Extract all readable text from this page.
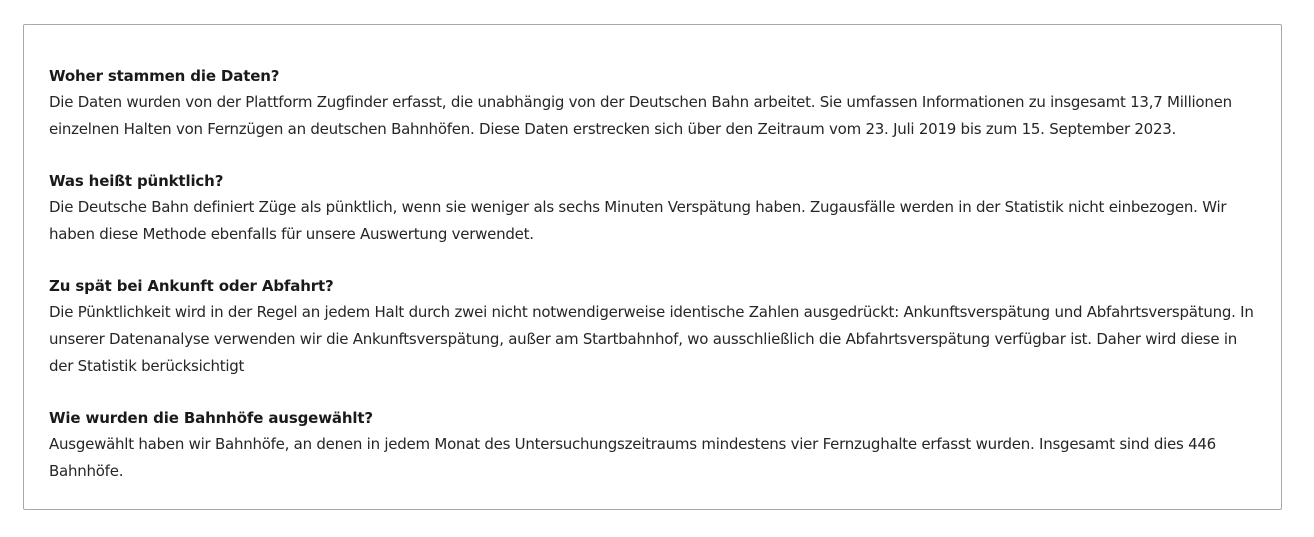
Woher stammen die Daten?

Die Daten wurden von der Plattform Zugfinder erfasst, die unabhängig von der Deutschen Bahn arbeitet. Sie umfassen Informationen zu insgesamt 13,7 Millionen einzelnen Halten von Fernzügen an deutschen Bahnhöfen. Diese Daten erstrecken sich über den Zeitraum vom 23. Juli 2019 bis zum 15. September 2023.

Was heißt pünktlich?

Die Deutsche Bahn definiert Züge als pünktlich, wenn sie weniger als sechs Minuten Verspätung haben. Zugausfälle werden in der Statistik nicht einbezogen. Wir haben diese Methode ebenfalls für unsere Auswertung verwendet.

Zu spät bei Ankunft oder Abfahrt?

Die Pünktlichkeit wird in der Regel an jedem Halt durch zwei nicht notwendigerweise identische Zahlen ausgedrückt: Ankunftsverspätung und Abfahrtsverspätung. In unserer Datenanalyse verwenden wir die Ankunftsverspätung, außer am Startbahnhof, wo ausschließlich die Abfahrtsverspätung verfügbar ist. Daher wird diese in der Statistik berücksichtigt

Wie wurden die Bahnhöfe ausgewählt?

Ausgewählt haben wir Bahnhöfe, an denen in jedem Monat des Untersuchungszeitraums mindestens vier Fernzughalte erfasst wurden. Insgesamt sind dies 446 Bahnhöfe.
